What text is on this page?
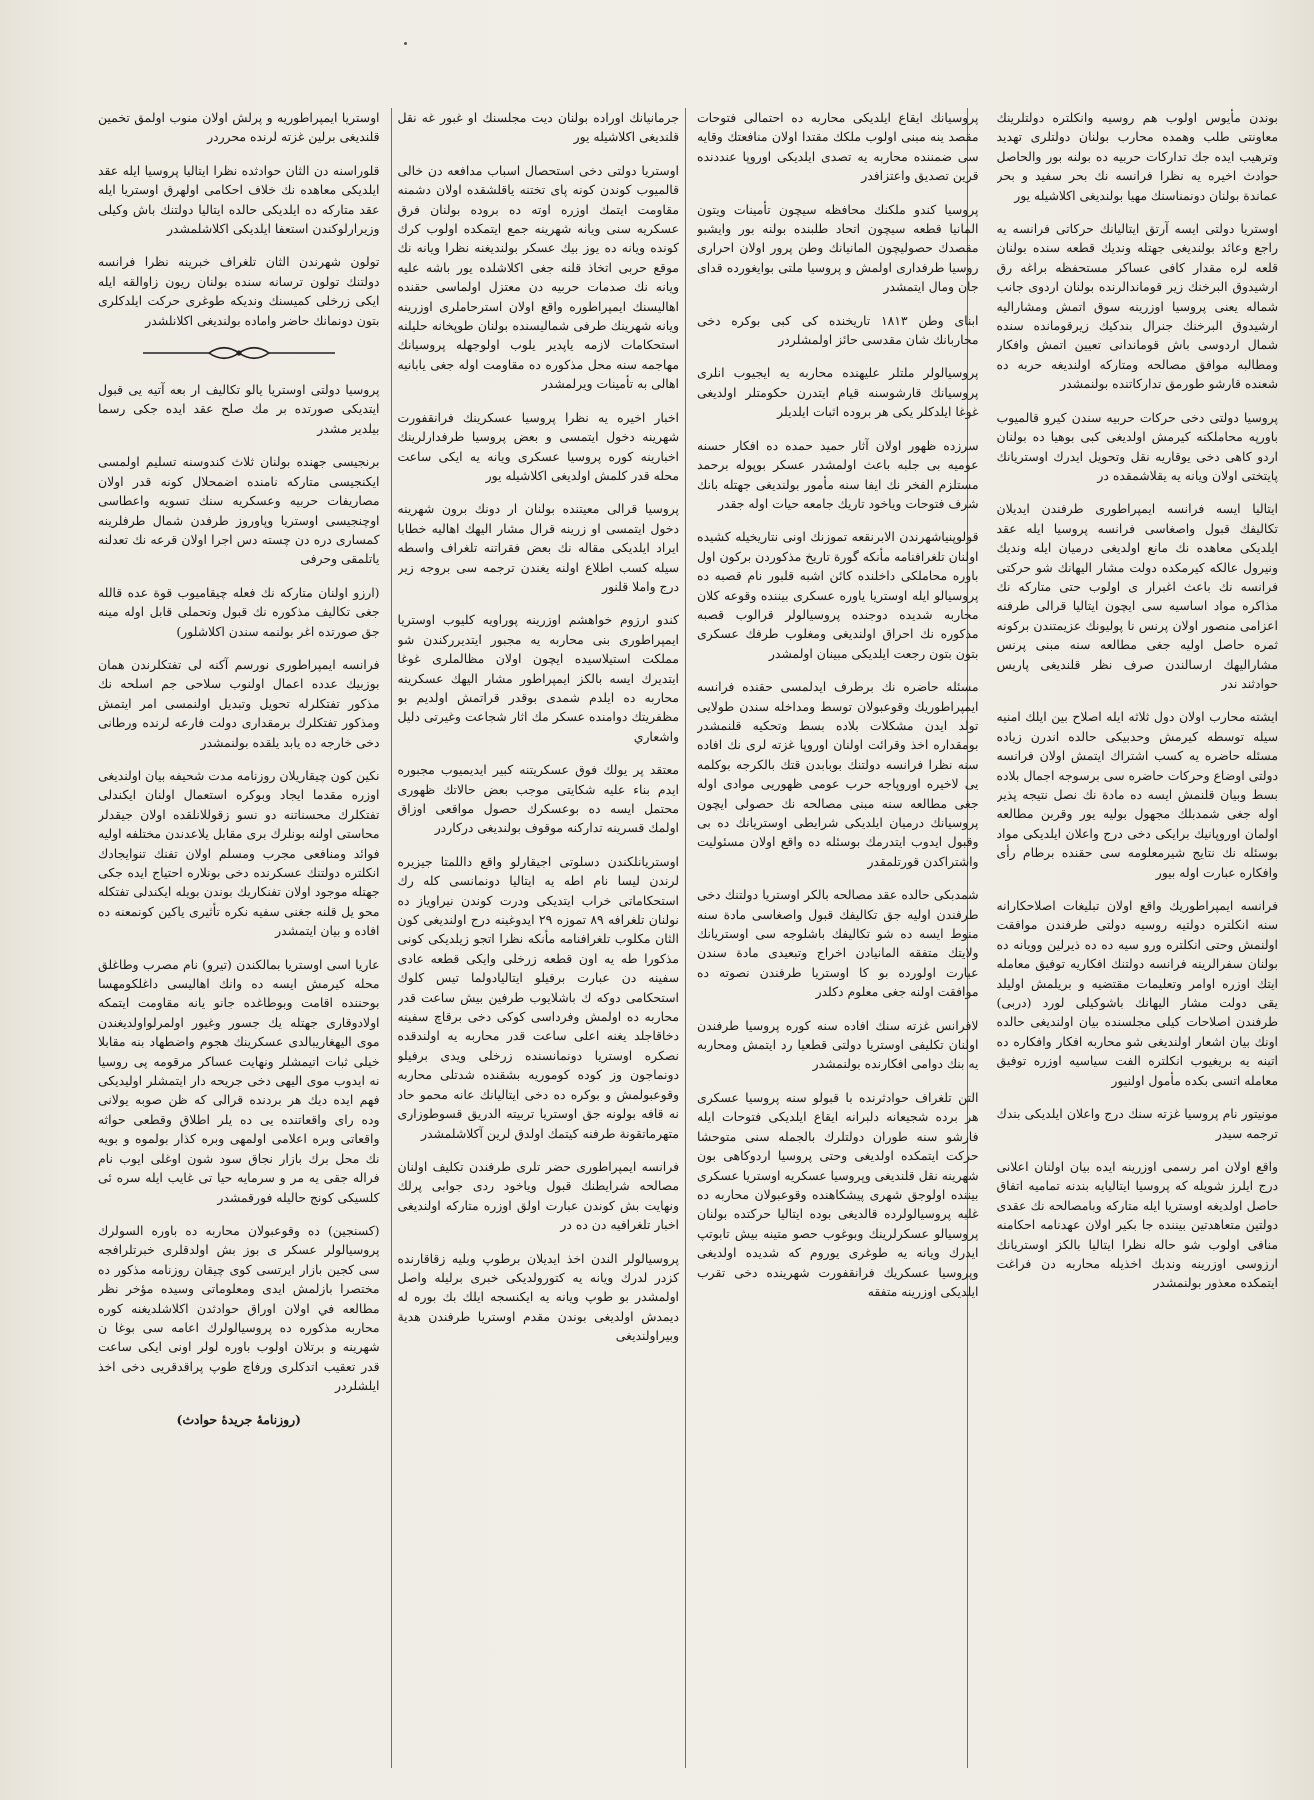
بوندن مأيوس اولوب هم روسیه وانكلتره دولتلرينك معاونتی طلب وهمده محارب بولنان دولتلری تهديد وترهيب ايده جك تداركات حربيه ده بولنه بور والحاصل حوادث اخيره يه نظرا فرانسه نك بحر سفيد و بحر عماندة بولنان دونمناسنك مهيا بولنديغی اكلاشيله يور

اوستريا دولتی ايسه آرتق ايتاليانك حركاتی فرانسه يه راجع وعائد بولنديغی جهتله وندیك قطعه سنده بولنان قلعه لره مقدار كافی عساكر مستحفظه براغه رق ارشيدوق البرخنك زير قوماندالرنده بولنان اردوی جانب شماله يعنی پروسيا اوزرينه سوق اتمش ومشاراليه ارشيدوق البرخنك جنرال بندكيك زيرقومانده سنده شمال اردوسی باش قوماندانی تعيين اتمش وافكار ومطالبه موافق مصالحه ومتاركه اولنديغه حربه ده شعنده قارشو طورمق تداركاتنده بولنمشدر

پروسيا دولتی دخی حركات حربيه سندن كيرو قالميوب باورپه محاملكنه كيرمش اولديغی كبی بوهيا ده بولنان اردو كاهی دخی يوقاريه نقل وتحويل ايدرك اوستريانك پايتختی اولان ويانه يه يقلاشمقده در

ايتاليا ايسه فرانسه ايمپراطوری طرفندن ايديلان تكاليفك قبول واصغاسی فرانسه پروسيا ايله عقد ايلديكی معاهده نك مانع اولديغی درميان ايله ونديك ونيرول عالكه كيرمكده دولت مشار اليهانك شو حركتی فرانسه نك باعث اغبرار ی اولوب حتی متاركه نك مذاكره مواد اساسيه سی ايچون ايتاليا قرالی طرفنه اعزامی منصور اولان پرنس نا پوليونك عزيمتندن بركونه ثمره حاصل اوليه جغی مطالعه سنه مبنی پرنس مشاراليهك ارسالندن صرف نظر قلنديغی پاريس حوادثند ندر

ايشته محارب اولان دول ثلاثه ايله اصلاح بين ايلك امنيه سيله توسطه كيرمش وحدبيكی حالده اندرن زياده مسئله حاضره يه كسب اشتراك ايتمش اولان فرانسه دولتی اوضاع وحركات حاضره سی برسوجه اجمال بلاده بسط وبيان قلنمش ايسه ده مادة نك نصل نتيجه پذير اوله جغی شمدبلك مجهول بوليه يور وقربن مطالعه اولمان اوروپانيك برايكی دخی درج واعلان ايلديكی مواد بوسئله نك نتايج شيرمعلومه سی حقنده برطام رأی وافكاره عبارت اوله بيور

فرانسه ايمپراطوريك واقع اولان تبليغات اصلاحكارانه سنه انكلتره دولتيه روسيه دولتی طرفندن موافقت اولنمش وحتی انكلتره ورو سيه ده ده ذيرلين وويانه ده بولنان سفرالرينه فرانسه دولتنك افكاريه توفيق معامله ايتك اوزره اوامر وتعليمات مقتضيه و بريلمش اوليلد يقی دولت مشار اليهانك باشوكيلی لورد (دربی) طرفندن اصلاحات كيلی مجلسنده بيان اولنديغی حالده اونك بيان اشعار اولنديغی شو محاربه افكار وافكاره ده اتينه يه بريغيوب انكلتره الفت سياسيه اوزره توفيق معامله اتسی بكده مأمول اولنيور

مونيتور نام پروسيا غزته سنك درج واعلان ايلديكی بندك ترجمه سيدر

واقع اولان امر رسمی اوزرينه ايده بيان اولنان اعلانی درج ايلرز شويله كه پروسيا ايتاليايه بندنه تماميه اتفاق حاصل اولديغه اوستريا ايله متاركه وبامصالحه نك عقدی دولتين متعاهدتين بيننده جا بكير اولان عهدنامه احكامنه منافی اولوب شو حاله نظرا ايتاليا بالكز اوستريانك ارزوسی اوزرينه وندبك اخذيله محاربه دن فراغت ايتمكده معذور بولنمشدر

پروسيانك ايقاع ايلديكی محاربه ده احتمالی فتوحات مقصد ينه مبنی اولوب ملكك مقتدا اولان منافعتك وقايه سی ضمننده محاربه يه تصدی ايلديكی اوروپا عنددنده قرين تصديق واعتزافدر

پروسيا كندو ملكنك محافظه سيچون تأمينات ويتون المانيا قطعه سيچون اتحاد طلبنده بولنه بور وايشبو مقصدك حصوليچون المانيانك وطن پرور اولان احراری روسيا طرفداری اولمش و پروسيا ملتی بوايغورده قدای جان ومال ايتمشدر

ابنای وطن ١٨١٣ تاريخنده كی كبی بوكره دخی محاربانك شان مقدسی حائز اولمشلردر

پروسيالولر ملتلر علیهنده محاربه يه ايجيوب انلری پروسيانك قارشوسنه قيام ايتدرن حكومتلر اولديغی غوغا ايلدكلر يكی هر بروده اثبات ايلديلر

سرزده ظهور اولان آثار حميد حمده ده افكار حسنه عوميه بی جلبه باعث اولمشدر عسكر بوپوله برحمد مستلزم الفخر نك ايفا سنه مأمور بولنديغی جهتله بانك شرف فتوحات وياخود تاريك جامعه حيات اوله جقدر

قولوپنياشهرندن الابرنقعه تموزنك اونی نتاريخيله كشيده اولنان تلغرافنامه مأنكه گورة تاريخ مذكوردن بركون اول باوره محاملكی داخلنده كائن اشبه قلبور نام قصبه ده پروسيالو ايله اوستريا ياوره عسكری بيننده وقوعه كلان محاربه شديده دوجنده پروسيالولر قرالوب قصبه مذكوره نك احراق اولنديغی ومغلوب طرفك عسكری بتون بتون رجعت ايلديكی مبينان اولمشدر

مسئله حاضره نك برطرف ايدلمسی حقنده فرانسه ايمپراطوريك وقوعبولان توسط ومداخله سندن طولايی تولد ايدن مشكلات بلاده بسط وتحكيه قلنمشدر بومقداره اخذ وقرائت اولنان اوروپا غزته لری نك افاده سنه نظرا فرانسه دولتنك بوبابدن قتك بالكرجه بوكلمه يی لاخيره اوروپاجه حرب عومی ظهوريی موادی اوله جغی مطالعه سنه مبنی مصالحه نك حصولی ايچون پروسيانك درميان ايلديكی شرايطی اوستريانك ده بی وقبول ايدوب ايتدرمك بوسئله ده واقع اولان مسئوليت واشتراكدن قورتلمقدر

شمدبكی حالده عقد مصالحه بالكر اوستريا دولتنك دخی طرفندن اوليه جق تكاليفك قبول واصغاسی مادة سنه منوط ايسه ده شو تكاليفك باشلوجه سی اوستريانك ولايتك متفقه المانيادن اخراج وتبعيدی مادة سندن عبارت اولورده بو كا اوستريا طرفندن نصوته ده موافقت اولنه جغی معلوم دكلدر

لافرانس غزته سنك افاده سنه كوره پروسيا طرفندن اولنان تكليفی اوستريا دولتی قطعيا رد ايتمش ومحاربه يه بنك دوامی افكارنده بولنمشدر

التن تلغراف حوادثرنده با قبولو سنه پروسيا عسكری هر برده شجيعانه دلبرانه ايقاع ايلديكی فتوحات ايله فارشو سنه طوران دولتلرك بالجمله سنی متوحشا حركت ايتمكده اولديغی وحتی پروسيا اردوكاهی بون شهرينه نقل قلنديغی وپروسيا عسكريه اوستريا عسكری بيننده اولوجق شهری پيشكاهنده وقوعبولان محاربه ده غلبه پروسيالولرده قالديغی بوده ايتاليا حركتده بولنان پروسيالو عسكرلرينك وبوغوب حصو متينه بيش تابوتپ ايدرك ويانه يه طوغری يوروم كه شديده اولديغی وپروسيا عسكريك فرانقفورت شهرينده دخی تقرب ايلديكی اوزرينه متفقه

جرمانيانك اوراده بولنان ديت مجلسنك او غبور غه نقل قلنديغی اكلاشيله يور

اوستريا دولتی دخی استحصال اسباب مدافعه دن خالی قالميوب كوندن كونه پای تختنه ياقلشقده اولان دشمنه مقاومت ايتمك اوزره اوته ده بروده بولنان فرق عسكريه سنی ويانه شهرينه جمع ايتمكده اولوب كرك كونده ويانه ده يوز بيك عسكر بولنديغنه نظرا ويانه نك موقع حربی اتخاذ قلنه جغی اكلاشلده يور باشه عليه ويانه نك صدمات حربيه دن معتزل اولماسی حقنده اهاليسنك ايمپراطوره واقع اولان استرحاملری اوزرينه ويانه شهرينك طرفی شماليسنده بولنان طوپخانه حليلنه استحكامات لازمه ياپدير يلوب اولوجهله پروسيانك مهاجمه سنه محل مذكوره ده مقاومت اوله جغی يابانيه اهالی به تأمينات ويرلمشدر

اخبار اخيره يه نظرا پروسيا عسكرينك فرانقفورت شهرينه دخول ايتمسی و بعض پروسيا طرفدارلرينك اخبارينه كوره پروسيا عسكری ويانه يه ايكی ساعت محله قدر كلمش اولديغی اكلاشيله يور

پروسيا قرالی معيتنده بولنان ار دونك برون شهرينه دخول ايتمسی او زرينه قرال مشار اليهك اهاليه خطابا ايراد ايلديكی مقاله نك بعض فقراتنه تلغراف واسطه سيله كسب اطلاع اولنه يغندن ترجمه سی بروجه زير درج واملا قلنور

كندو ارزوم خواهشم اوزرينه پوراويه كليوب اوستريا ايمپراطوری بنی محاربه يه مجبور ايتديرركندن شو مملكت استيلاسيده ايچون اولان مظالملری غوغا ايتديرك ايسه بالكز ايمپراطور مشار اليهك عسكرينه محاربه ده ايلدم شمدی بوقدر قراتمش اولديم بو مظفريتك دوامنده عسكر مك اثار شجاعت وغيرتی دليل واشعاري

معتقد پر يولك فوق عسكريتنه كبير ايديميوب مجبوره ايدم بناء عليه شكايتی موجب بعض حالاتك ظهوری محتمل ايسه ده بوعسكرك حصول مواقعی اوزاق اولمك قسرينه تداركنه موقوف بولنديغی دركاردر

اوستريانلكندن دسلوتی اجيقارلو واقع داللمتا جيزيره لرندن ليسا نام اطه يه ايتاليا دونمانسی كله رك استحكاماتی خراب ايتديكی ودرت كوندن نيراوياز ده نولنان تلغرافه ٨٩ تموزه ٢٩ ايدوغينه درج اولنديغی كون الثان مكلوب تلغرافنامه مأنكه نظرا اتجو زيلديكی كونی مذكورا طه یه اون قطعه زرخلی وايكی قطعه عادی سفينه دن عبارت برفيلو ايتاليادولما تيس كلوك استحكامی دوكه ك باشلايوب طرفين بيش ساعت قدر محاربه ده اولمش وفرداسی كوكی دخی برقاچ سفينه دخاقاجلد يغنه اعلی ساعت قدر محاربه يه اولندقده نصكره اوستريا دونمانسنده زرخلی ويدی برفيلو دونماجون وز كوده كوموريه بشقنده شدتلی محاربه وقوعبولمش و بوكره ده دخی ايتاليانك عانه محمو حاد نه قافه بولونه جق اوستريا تربيته الدريق قسوطوزاری متهرماتقونة طرفنه كيتمك اولدق لرين آكلاشلمشدر

فرانسه ايمپراطوری حضر تلری طرفندن تكليف اولنان مصالحه شرايطنك قبول وياخود ردی جوابی پرلك ونهايت بش كوندن عبارت اولق اوزره متاركه اولنديغی اخبار تلغرافيه دن ده در

پروسيالولر الندن اخذ ايديلان برطوپ وبليه زقاقارنده كزدر لدرك ويانه يه كتورولديكی خبری برليله واصل اولمشدر بو طوپ ويانه يه ايكنسجه ايلك بك بوره له ديمدش اولديغی بوندن مقدم اوستريا طرفندن هدية وبيراولنديغی

اوستريا ايمپراطوريه و پرلش اولان منوب اولمق تخمين قلنديغی برلين غزته لرنده محرردر

قلوراسنه دن الثان حوادثده نظرا ايتاليا پروسيا ايله عقد ايلديكی معاهده نك خلاف احكامی اولهرق اوستريا ايله عقد متاركه ده ايلديكی حالده ايتاليا دولتنك باش وكيلی وزيرارلوكندن استعفا ايلديكی اكلاشلمشدر

تولون شهرندن الثان تلغراف خبرينه نظرا فرانسه دولتنك تولون ترسانه سنده بولنان ريون زاوالقه ايله ايكی زرخلی كميسنك ونديكه طوغری حركت ايلدكلری بتون دونمانك حاضر واماده بولنديغی اكلانلشدر

پروسيا دولتی اوستريا يالو تكاليف ار بعه آتيه يی قبول ايتديكی صورتده بر مك صلح عقد ايده جكی رسما بيلدير مشدر

برنجيسی جهنده بولنان ثلاث كندوسنه تسليم اولمسی ايكنجيسی متاركه نامنده اضمحلال كونه قدر اولان مصاريفات حربيه وعسكريه سنك تسويه واعطاسی اوچنجيسی اوستريا وپاوروز طرفدن شمال طرفلرينه كمساری دره دن چسته دس اجرا اولان قرعه نك تعدلنه ياتلمقی وحرفی

(ارزو اولنان متاركه نك فعله چيقاميوب قوة عده قالله جغی تكاليف مذكوره نك قبول وتحملی قابل اوله مينه جق صورتده اغر بولنمه سندن اكلاشلور)

فرانسه ايمپراطوری نورسم آكنه لی تفتكلرندن همان بوزبيك عدده اعمال اولنوب سلاحی جم اسلحه نك مذكور تفتكلرله تحويل وتبديل اولنمسی امر ايتمش ومذكور تفتكلرك برمقداری دولت فارعه لرنده ورطانی دخی خارجه ده يابد يلقده بولنمشدر

نكين كون چيقاريلان روزنامه مدت شحيفه بيان اولنديغی اوزره مقدما ايجاد وبوكره استعمال اولنان ايكندلی تفتكلرك محسناتنه دو نسو زقوللانلقده اولان جيقدلر محاستی اولنه بونلرك بری مقابل يلاعدندن مختلفه اوليه فوائد ومنافعی مجرب ومسلم اولان تفنك تنوايجادك انكلتره دولتنك عسكرنده دخی بونلاره احتياج ايده جكی جهتله موجود اولان تفنكاريك بوندن بويله ايكندلی تفتكله محو يل قلنه جغنی سفيه نكره تأثيری ياكين كونمعنه ده افاده و بيان ايتمشدر

عاريا اسی اوستريا بمالكندن (تيرو) نام مصرب وطاغلق محله كيرمش ايسه ده وانك اهاليسی داغلكومهسا بوحننده اقامت وبوطاغده جانو يانه مقاومت ايتمكه اولادوقاری جهتله يك جسور وغيور اولمرلواولديغندن موی اليهغاريبالدی عسكرينك هجوم واضطهاد بنه مقابلا خيلی ثبات اتيمشلر ونهايت عساكر مرقومه پی روسيا نه ايدوب موی اليهی دخی جريحه دار ايتمشلر اوليديكی فهم ايده ديك هر بردنده قرالی كه ظن صوبه يولانی وده رای واقعاتنده يی ده يلر اطلاق وقطعی حواثه واقعاتی وبره اعلامی اولمهی وبره كذار بولموه و بويه نك محل برك بازار نجاق سود شون اوغلی ايوب نام فراله جقی يه مر و سرمايه حيا تی غايب ايله سره ئی كلسيكی كونج حاليله فورقمشدر

(كسنجين) ده وقوعبولان محاربه ده باوره السولرك پروسيالولر عسكر ی بوز بش اولدقلری خبرتلرافجه سی كجين بازار ايرتسی كوی چيقان روزنامه مذكور ده مختصرا بازلمش ايدی ومعلوماتی وسيده مؤخر نظر مطالعه في اولان اوراق حوادثدن اكلاشلديغنه كوره محاربه مذكوره ده پروسيالولرك اعامه سی بوغا ن شهرينه و برتلان اولوب باوره لولر اونی ايكی ساعت قدر تعقيب اتدكلری ورفاچ طوپ پراقدقريی دخی اخذ ايلشلردر

(روزنامۀ جريدۀ حوادث)
